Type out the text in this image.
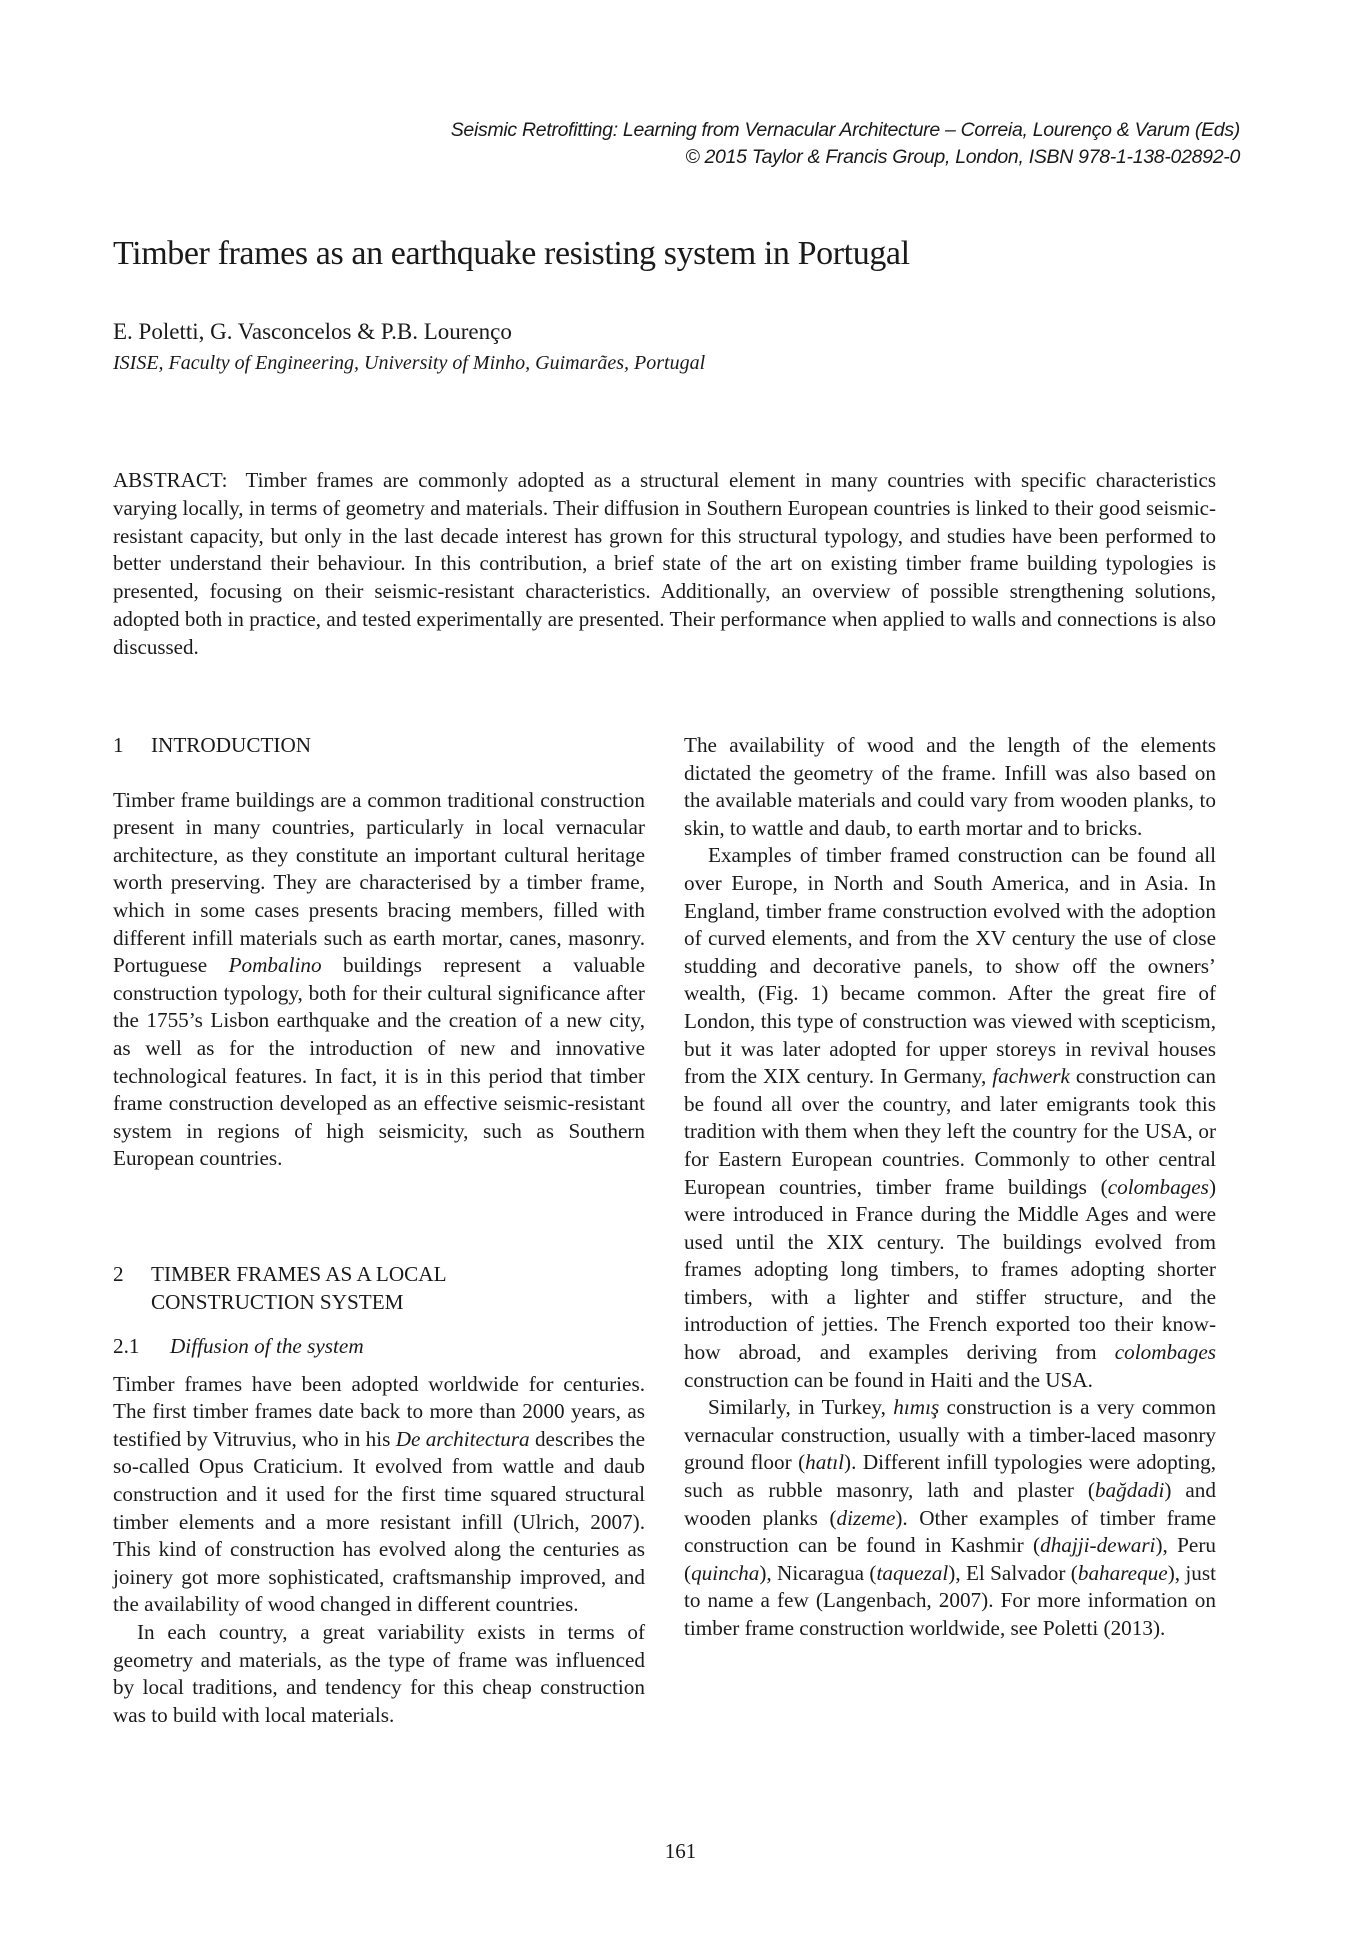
Seismic Retrofitting: Learning from Vernacular Architecture – Correia, Lourenço & Varum (Eds)
© 2015 Taylor & Francis Group, London, ISBN 978-1-138-02892-0
Timber frames as an earthquake resisting system in Portugal
E. Poletti, G. Vasconcelos & P.B. Lourenço
ISISE, Faculty of Engineering, University of Minho, Guimarães, Portugal
ABSTRACT: Timber frames are commonly adopted as a structural element in many countries with specific characteristics varying locally, in terms of geometry and materials. Their diffusion in Southern European countries is linked to their good seismic-resistant capacity, but only in the last decade interest has grown for this structural typology, and studies have been performed to better understand their behaviour. In this contribution, a brief state of the art on existing timber frame building typologies is presented, focusing on their seismic-resistant characteristics. Additionally, an overview of possible strengthening solutions, adopted both in practice, and tested experimentally are presented. Their performance when applied to walls and connections is also discussed.
1	INTRODUCTION

Timber frame buildings are a common traditional construction present in many countries, particularly in local vernacular architecture, as they constitute an important cultural heritage worth preserving. They are characterised by a timber frame, which in some cases presents bracing members, filled with different infill materials such as earth mortar, canes, masonry. Portuguese Pombalino buildings represent a valuable construction typology, both for their cultural significance after the 1755’s Lisbon earthquake and the creation of a new city, as well as for the introduction of new and innovative technological features. In fact, it is in this period that timber frame construction developed as an effective seismic-resistant system in regions of high seismicity, such as Southern European countries.

2	TIMBER FRAMES AS A LOCAL
CONSTRUCTION SYSTEM
2.1	Diffusion of the system

Timber frames have been adopted worldwide for centuries. The first timber frames date back to more than 2000 years, as testified by Vitruvius, who in his De architectura describes the so-called Opus Craticium. It evolved from wattle and daub construction and it used for the first time squared structural timber elements and a more resistant infill (Ulrich, 2007). This kind of construction has evolved along the centuries as joinery got more sophisticated, craftsmanship improved, and the availability of wood changed in different countries.

In each country, a great variability exists in terms of geometry and materials, as the type of frame was influenced by local traditions, and tendency for this cheap construction was to build with local materials.

The availability of wood and the length of the elements dictated the geometry of the frame. Infill was also based on the available materials and could vary from wooden planks, to skin, to wattle and daub, to earth mortar and to bricks.

Examples of timber framed construction can be found all over Europe, in North and South America, and in Asia. In England, timber frame construction evolved with the adoption of curved elements, and from the XV century the use of close studding and decorative panels, to show off the owners’ wealth, (Fig. 1) became common. After the great fire of London, this type of construction was viewed with scepticism, but it was later adopted for upper storeys in revival houses from the XIX century. In Germany, fachwerk construction can be found all over the country, and later emigrants took this tradition with them when they left the country for the USA, or for Eastern European countries. Commonly to other central European countries, timber frame buildings (colombages) were introduced in France during the Middle Ages and were used until the XIX century. The buildings evolved from frames adopting long timbers, to frames adopting shorter timbers, with a lighter and stiffer structure, and the introduction of jetties. The French exported too their know-how abroad, and examples deriving from colombages construction can be found in Haiti and the USA.

Similarly, in Turkey, hımış construction is a very common vernacular construction, usually with a timber-laced masonry ground floor (hatıl). Different infill typologies were adopting, such as rubble masonry, lath and plaster (bağdadi) and wooden planks (dizeme). Other examples of timber frame construction can be found in Kashmir (dhajji-dewari), Peru (quincha), Nicaragua (taquezal), El Salvador (bahareque), just to name a few (Langenbach, 2007). For more information on timber frame construction worldwide, see Poletti (2013).

161
